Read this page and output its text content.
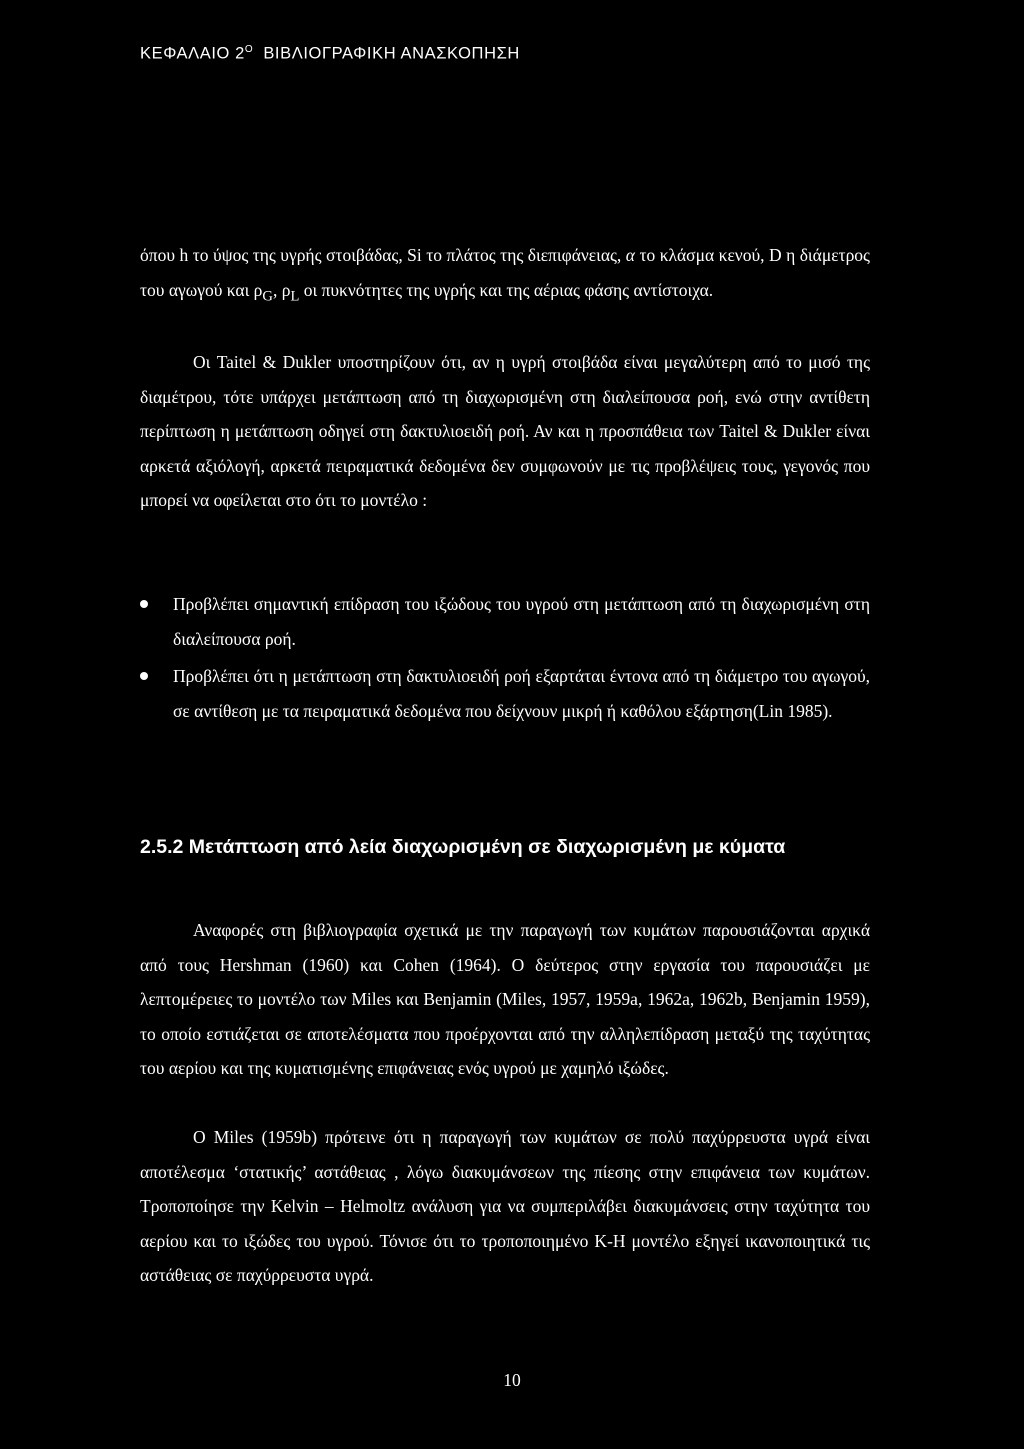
ΚΕΦΑΛΑΙΟ $2^O$ ΒΙΒΛΙΟΓΡΑΦΙΚΗ ΑΝΑΣΚΟΠΗΣΗ

όπου h το ύψος της υγρής στοιβάδας, Si το πλάτος της διεπιφάνειας, α το κλάσμα κενού, D η διάμετρος του αγωγού και $\rho_G$, $\rho_L$ οι πυκνότητες της υγρής και της αέριας φάσης αντίστοιχα.

Οι Taitel & Dukler υποστηρίζουν ότι, αν η υγρή στοιβάδα είναι μεγαλύτερη από το μισό της διαμέτρου, τότε υπάρχει μετάπτωση από τη διαχωρισμένη στη διαλείπουσα ροή, ενώ στην αντίθετη περίπτωση η μετάπτωση οδηγεί στη δακτυλιοειδή ροή. Αν και η προσπάθεια των Taitel & Dukler είναι αρκετά αξιόλογή, αρκετά πειραματικά δεδομένα δεν συμφωνούν με τις προβλέψεις τους, γεγονός που μπορεί να οφείλεται στο ότι το μοντέλο :

Προβλέπει σημαντική επίδραση του ιξώδους του υγρού στη μετάπτωση από τη διαχωρισμένη στη διαλείπουσα ροή.
Προβλέπει ότι η μετάπτωση στη δακτυλιοειδή ροή εξαρτάται έντονα από τη διάμετρο του αγωγού, σε αντίθεση με τα πειραματικά δεδομένα που δείχνουν μικρή ή καθόλου εξάρτηση(Lin 1985).
2.5.2 Μετάπτωση από λεία διαχωρισμένη σε διαχωρισμένη με κύματα

Αναφορές στη βιβλιογραφία σχετικά με την παραγωγή των κυμάτων παρουσιάζονται αρχικά από τους Hershman (1960) και Cohen (1964). Ο δεύτερος στην εργασία του παρουσιάζει με λεπτομέρειες το μοντέλο των Miles και Benjamin (Miles, 1957, 1959a, 1962a, 1962b, Benjamin 1959), το οποίο εστιάζεται σε αποτελέσματα που προέρχονται από την αλληλεπίδραση μεταξύ της ταχύτητας του αερίου και της κυματισμένης επιφάνειας ενός υγρού με χαμηλό ιξώδες.

Ο Miles (1959b) πρότεινε ότι η παραγωγή των κυμάτων σε πολύ παχύρρευστα υγρά είναι αποτέλεσμα ‘στατικής’ αστάθειας , λόγω διακυμάνσεων της πίεσης στην επιφάνεια των κυμάτων. Τροποποίησε την Kelvin – Helmoltz ανάλυση για να συμπεριλάβει διακυμάνσεις στην ταχύτητα του αερίου και το ιξώδες του υγρού. Τόνισε ότι το τροποποιημένο K-H μοντέλο εξηγεί ικανοποιητικά τις αστάθειας σε παχύρρευστα υγρά.

10
